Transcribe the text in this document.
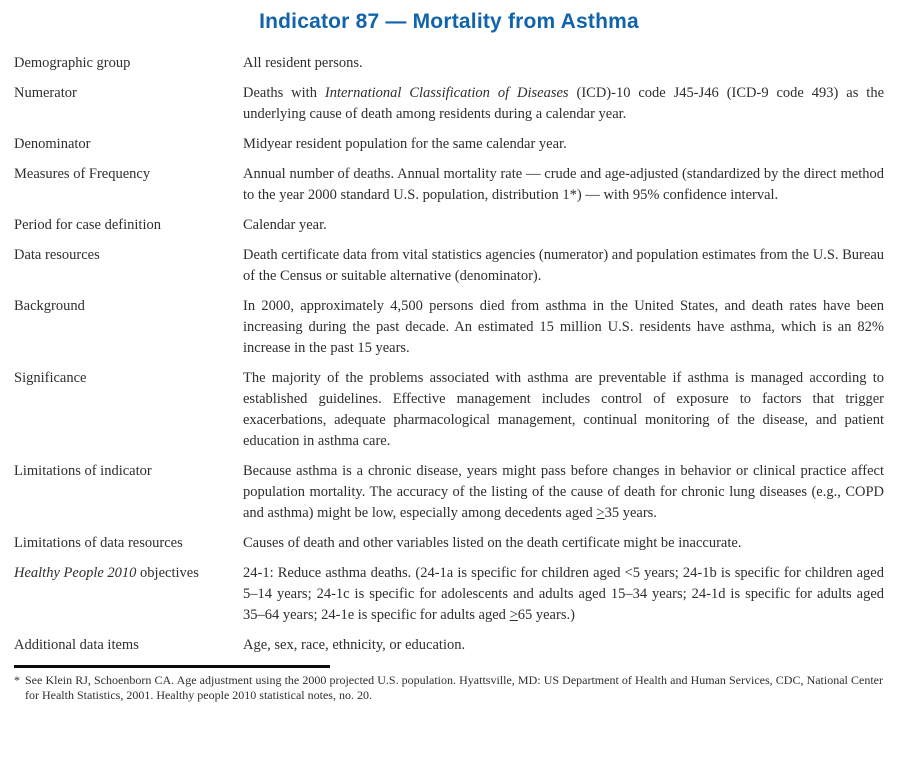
Indicator 87 — Mortality from Asthma
Demographic group	All resident persons.
Numerator	Deaths with International Classification of Diseases (ICD)-10 code J45-J46 (ICD-9 code 493) as the underlying cause of death among residents during a calendar year.
Denominator	Midyear resident population for the same calendar year.
Measures of Frequency	Annual number of deaths. Annual mortality rate — crude and age-adjusted (standardized by the direct method to the year 2000 standard U.S. population, distribution 1*) — with 95% confidence interval.
Period for case definition	Calendar year.
Data resources	Death certificate data from vital statistics agencies (numerator) and population estimates from the U.S. Bureau of the Census or suitable alternative (denominator).
Background	In 2000, approximately 4,500 persons died from asthma in the United States, and death rates have been increasing during the past decade. An estimated 15 million U.S. residents have asthma, which is an 82% increase in the past 15 years.
Significance	The majority of the problems associated with asthma are preventable if asthma is managed according to established guidelines. Effective management includes control of exposure to factors that trigger exacerbations, adequate pharmacological management, continual monitoring of the disease, and patient education in asthma care.
Limitations of indicator	Because asthma is a chronic disease, years might pass before changes in behavior or clinical practice affect population mortality. The accuracy of the listing of the cause of death for chronic lung diseases (e.g., COPD and asthma) might be low, especially among decedents aged >35 years.
Limitations of data resources	Causes of death and other variables listed on the death certificate might be inaccurate.
Healthy People 2010 objectives	24-1: Reduce asthma deaths. (24-1a is specific for children aged <5 years; 24-1b is specific for children aged 5–14 years; 24-1c is specific for adolescents and adults aged 15–34 years; 24-1d is specific for adults aged 35–64 years; 24-1e is specific for adults aged >65 years.)
Additional data items	Age, sex, race, ethnicity, or education.
* See Klein RJ, Schoenborn CA. Age adjustment using the 2000 projected U.S. population. Hyattsville, MD: US Department of Health and Human Services, CDC, National Center for Health Statistics, 2001. Healthy people 2010 statistical notes, no. 20.
